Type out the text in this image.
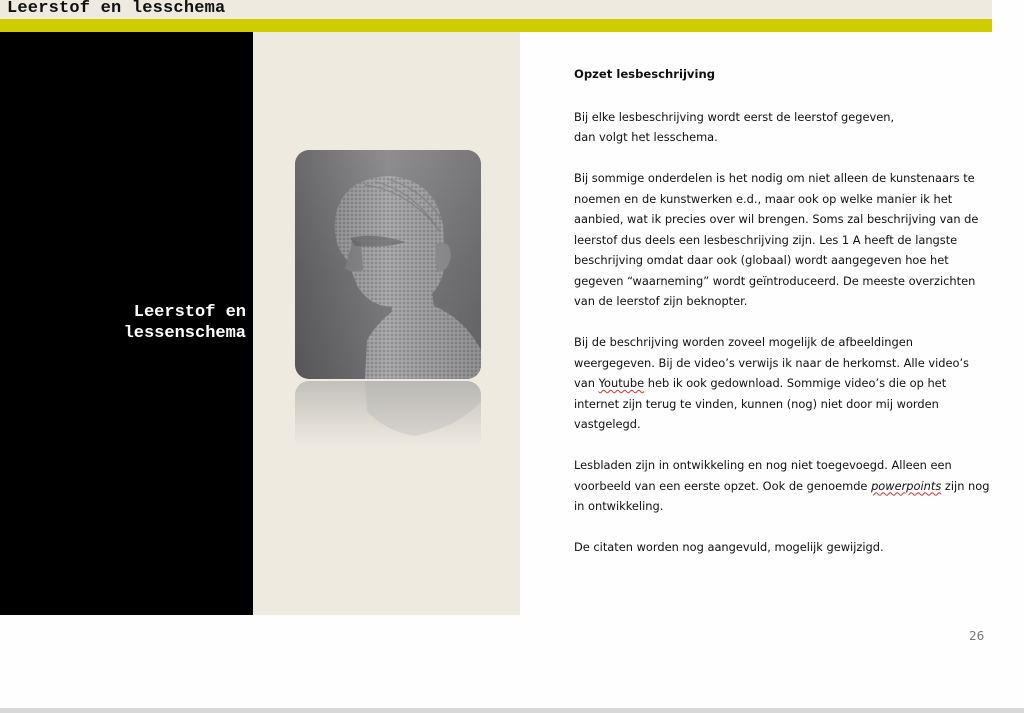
Leerstof en lesschema
Leerstof en
lessenschema
Opzet lesbeschrijving

Bij elke lesbeschrijving wordt eerst de leerstof gegeven,
dan volgt het lesschema.

Bij sommige onderdelen is het nodig om niet alleen de kunstenaars te
noemen en de kunstwerken e.d., maar ook op welke manier ik het
aanbied, wat ik precies over wil brengen. Soms zal beschrijving van de
leerstof dus deels een lesbeschrijving zijn. Les 1 A heeft de langste
beschrijving omdat daar ook (globaal) wordt aangegeven hoe het
gegeven “waarneming” wordt geïntroduceerd. De meeste overzichten
van de leerstof zijn beknopter.

Bij de beschrijving worden zoveel mogelijk de afbeeldingen
weergegeven. Bij de video’s verwijs ik naar de herkomst. Alle video’s
van Youtube heb ik ook gedownload. Sommige video’s die op het
internet zijn terug te vinden, kunnen (nog) niet door mij worden
vastgelegd.

Lesbladen zijn in ontwikkeling en nog niet toegevoegd. Alleen een
voorbeeld van een eerste opzet. Ook de genoemde powerpoints zijn nog
in ontwikkeling.

De citaten worden nog aangevuld, mogelijk gewijzigd.

26
